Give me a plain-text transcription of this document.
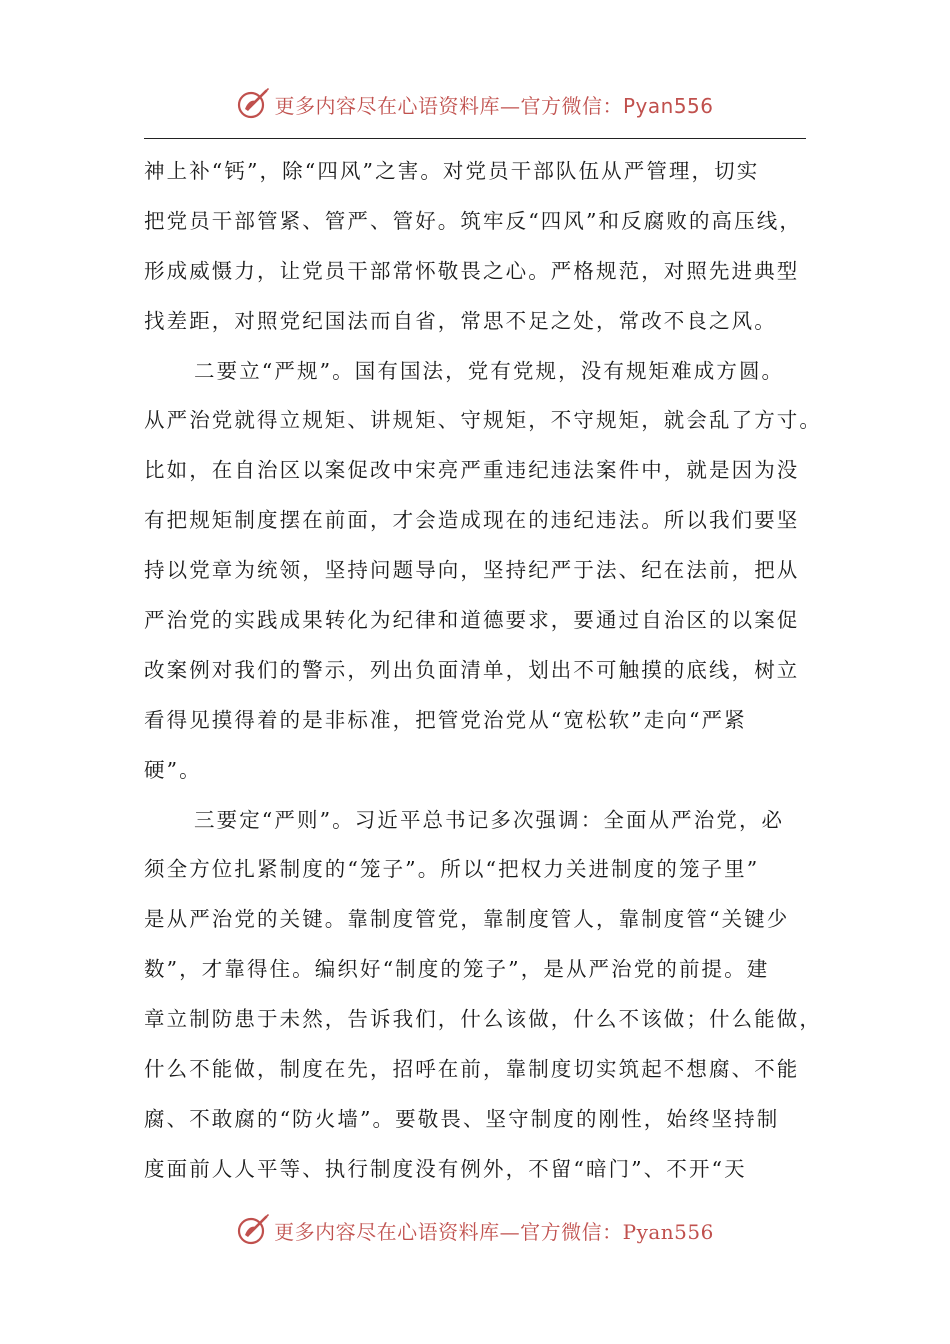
更多内容尽在心语资料库—官方微信：Pyan556
神上补“钙”，除“四风”之害。对党员干部队伍从严管理，切实
把党员干部管紧、管严、管好。筑牢反“四风”和反腐败的高压线，
形成威慑力，让党员干部常怀敬畏之心。严格规范，对照先进典型
找差距，对照党纪国法而自省，常思不足之处，常改不良之风。
二要立“严规”。国有国法，党有党规，没有规矩难成方圆。
从严治党就得立规矩、讲规矩、守规矩，不守规矩，就会乱了方寸。
比如，在自治区以案促改中宋亮严重违纪违法案件中，就是因为没
有把规矩制度摆在前面，才会造成现在的违纪违法。所以我们要坚
持以党章为统领，坚持问题导向，坚持纪严于法、纪在法前，把从
严治党的实践成果转化为纪律和道德要求，要通过自治区的以案促
改案例对我们的警示，列出负面清单，划出不可触摸的底线，树立
看得见摸得着的是非标准，把管党治党从“宽松软”走向“严紧
硬”。
三要定“严则”。习近平总书记多次强调：全面从严治党，必
须全方位扎紧制度的“笼子”。所以“把权力关进制度的笼子里”
是从严治党的关键。靠制度管党，靠制度管人，靠制度管“关键少
数”，才靠得住。编织好“制度的笼子”，是从严治党的前提。建
章立制防患于未然，告诉我们，什么该做，什么不该做；什么能做，
什么不能做，制度在先，招呼在前，靠制度切实筑起不想腐、不能
腐、不敢腐的“防火墙”。要敬畏、坚守制度的刚性，始终坚持制
度面前人人平等、执行制度没有例外，不留“暗门”、不开“天
更多内容尽在心语资料库—官方微信：Pyan556
